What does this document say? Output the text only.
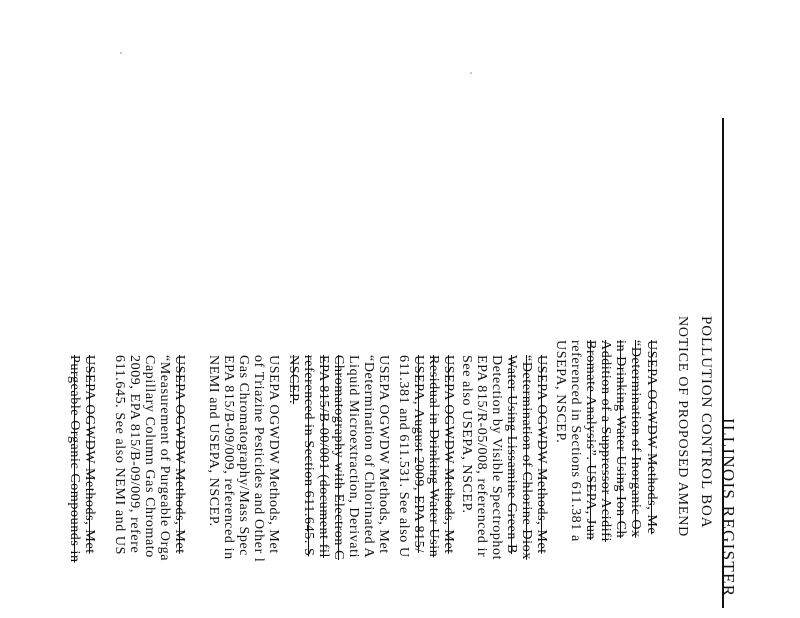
ILLINOIS REGISTER
POLLUTION CONTROL BOA
NOTICE OF PROPOSED AMEND
USEPA OGWDW Methods, Me
“Determination of Inorganic Ox
in Drinking Water Using Ion Ch
Addition of a Suppressor Acidifi
Bromate Analysis”. USEPA, Jun
referenced in Sections 611.381 a
USEPA, NSCEP.
USEPA OGWDW Methods, Met
“Determination of Chlorine Diox
Water Using Lissamine Green B
Detection by Visible Spectrophot
EPA 815/R-05/008, referenced ir
See also USEPA, NSCEP.
USEPA OGWDW Methods, Met
Residual in Drinking Water Usin
USEPA, August 2009, EPA 815/
611.381 and 611.531. See also U
USEPA OGWDW Methods, Met
“Determination of Chlorinated A
Liquid Microextraction, Derivati
Chromatography with Electron C
EPA 815/B-00/001 (document fil
referenced in Section 611.645. S
NSCEP.
USEPA OGWDW Methods, Met
of Triazine Pesticides and Other l
Gas Chromatography/Mass Spec
EPA 815/B-09/009, referenced in
NEMI and USEPA, NSCEP.
USEPA OGWDW Methods, Met
“Measurement of Purgeable Orga
Capillary Column Gas Chromato
2009, EPA 815/B-09/009, refere
611.645. See also NEMI and US
USEPA OGWDW Methods, Met
Purgeable Organic Compounds in
